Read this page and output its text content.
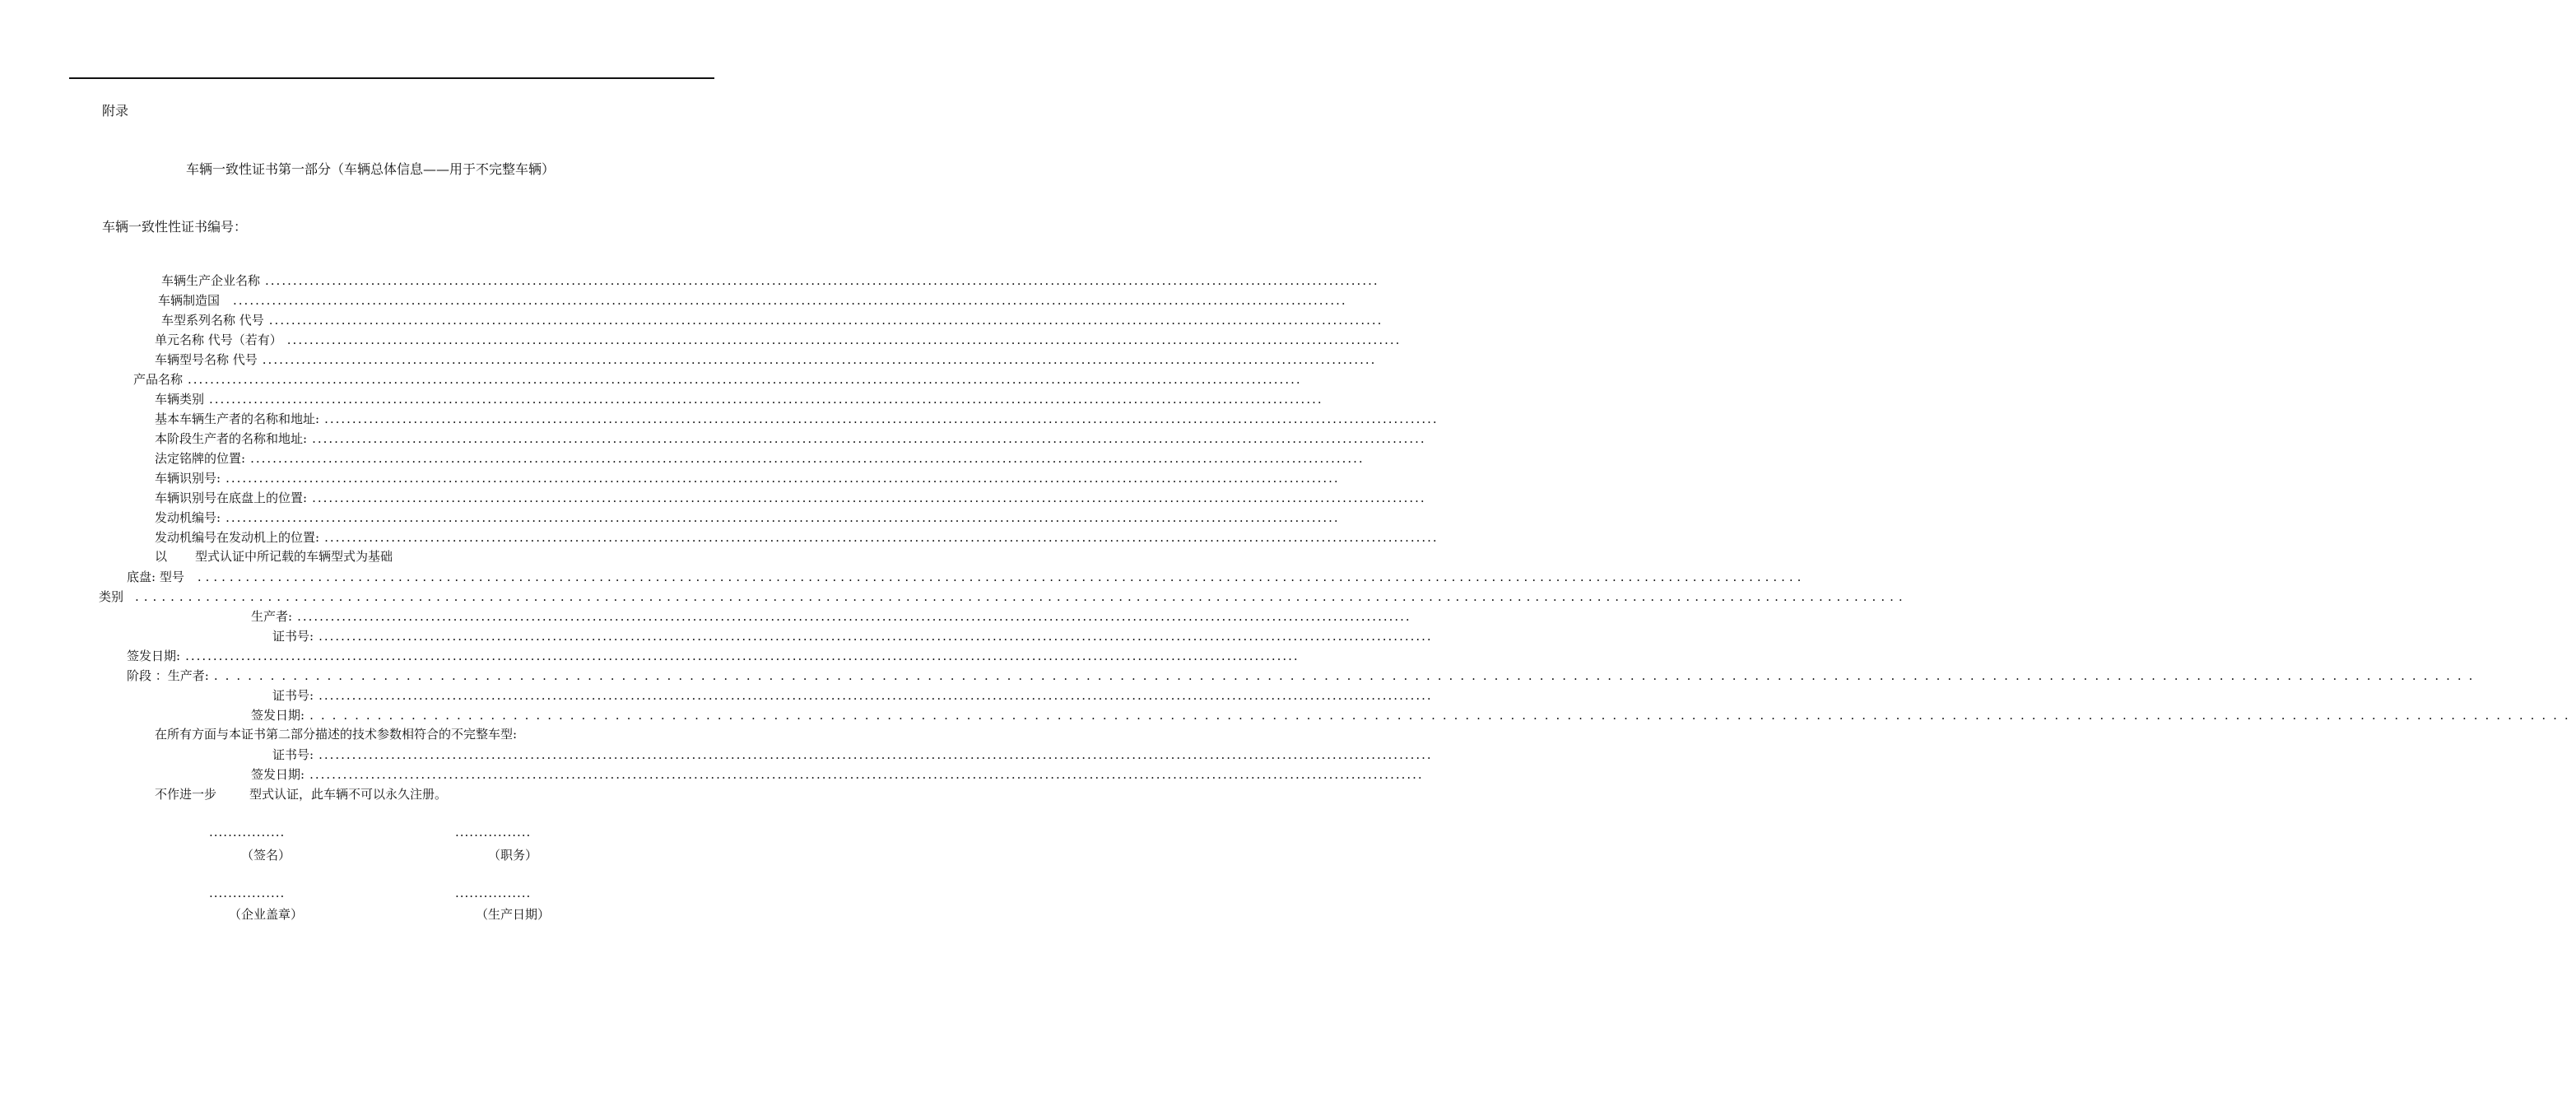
附录
车辆一致性证书第一部分（车辆总体信息——用于不完整车辆）
车辆一致性性证书编号：
车辆生产企业名称 ........................................................................................................................................................................................................
车辆制造国 ........................................................................................................................................................................................................
车型系列名称 代号 ........................................................................................................................................................................................................
单元名称 代号（若有） ........................................................................................................................................................................................................
车辆型号名称 代号 ........................................................................................................................................................................................................
产品名称 ........................................................................................................................................................................................................
车辆类别 ........................................................................................................................................................................................................
基本车辆生产者的名称和地址: ........................................................................................................................................................................................................
本阶段生产者的名称和地址: ........................................................................................................................................................................................................
法定铭牌的位置: ........................................................................................................................................................................................................
车辆识别号: ........................................................................................................................................................................................................
车辆识别号在底盘上的位置: ........................................................................................................................................................................................................
发动机编号: ........................................................................................................................................................................................................
发动机编号在发动机上的位置: ........................................................................................................................................................................................................
以 型式认证中所记载的车辆型式为基础
底盘: 型号 ........................................................................................................................................................................................................
类别 ........................................................................................................................................................................................................
生产者: ........................................................................................................................................................................................................
证书号: ........................................................................................................................................................................................................
签发日期: ........................................................................................................................................................................................................
阶段 ：生产者: ........................................................................................................................................................................................................
证书号: ........................................................................................................................................................................................................
签发日期: ........................................................................................................................................................................................................
在所有方面与本证书第二部分描述的技术参数相符合的不完整车型:
证书号: ........................................................................................................................................................................................................
签发日期: ........................................................................................................................................................................................................
不作进一步	型式认证，此车辆不可以永久注册。
................
（签名）
................
（职务）
................
（企业盖章）
................
（生产日期）
